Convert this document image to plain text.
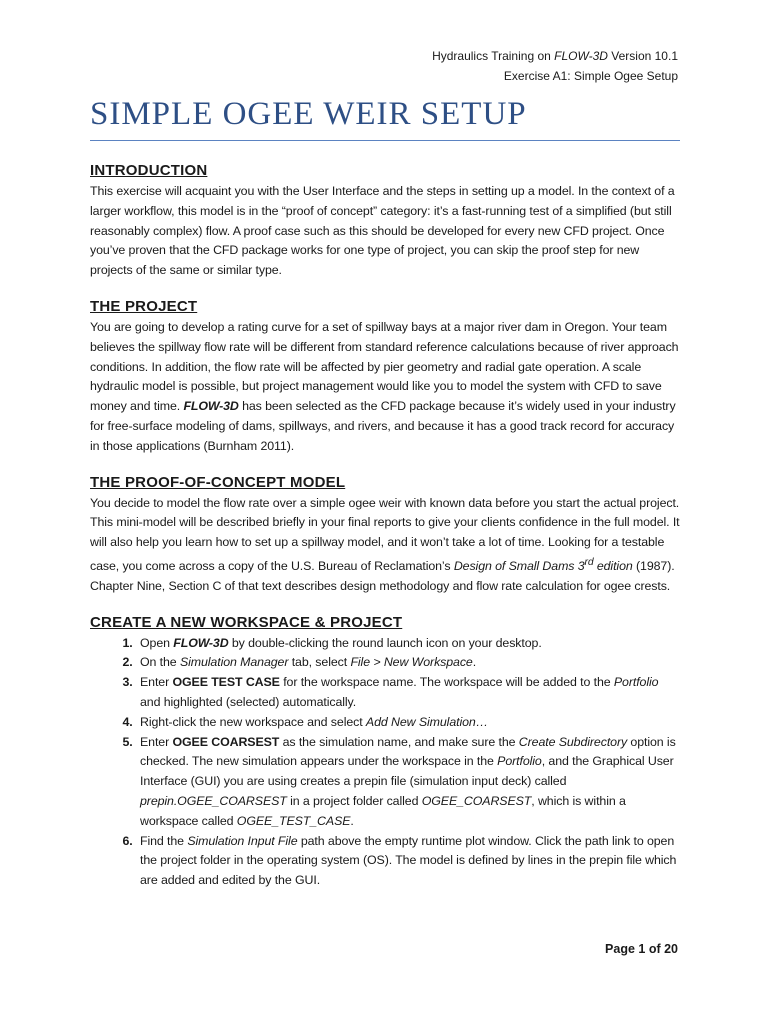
Hydraulics Training on FLOW-3D Version 10.1
Exercise A1: Simple Ogee Setup
SIMPLE OGEE WEIR SETUP
INTRODUCTION

This exercise will acquaint you with the User Interface and the steps in setting up a model. In the context of a larger workflow, this model is in the “proof of concept” category: it’s a fast-running test of a simplified (but still reasonably complex) flow. A proof case such as this should be developed for every new CFD project. Once you’ve proven that the CFD package works for one type of project, you can skip the proof step for new projects of the same or similar type.

THE PROJECT

You are going to develop a rating curve for a set of spillway bays at a major river dam in Oregon. Your team believes the spillway flow rate will be different from standard reference calculations because of river approach conditions. In addition, the flow rate will be affected by pier geometry and radial gate operation. A scale hydraulic model is possible, but project management would like you to model the system with CFD to save money and time. FLOW-3D has been selected as the CFD package because it’s widely used in your industry for free-surface modeling of dams, spillways, and rivers, and because it has a good track record for accuracy in those applications (Burnham 2011).

THE PROOF-OF-CONCEPT MODEL

You decide to model the flow rate over a simple ogee weir with known data before you start the actual project. This mini-model will be described briefly in your final reports to give your clients confidence in the full model. It will also help you learn how to set up a spillway model, and it won’t take a lot of time. Looking for a testable case, you come across a copy of the U.S. Bureau of Reclamation’s Design of Small Dams 3rd edition (1987). Chapter Nine, Section C of that text describes design methodology and flow rate calculation for ogee crests.

CREATE A NEW WORKSPACE & PROJECT
1. Open FLOW-3D by double-clicking the round launch icon on your desktop.
2. On the Simulation Manager tab, select File > New Workspace.
3. Enter OGEE TEST CASE for the workspace name. The workspace will be added to the Portfolio and highlighted (selected) automatically.
4. Right-click the new workspace and select Add New Simulation…
5. Enter OGEE COARSEST as the simulation name, and make sure the Create Subdirectory option is checked. The new simulation appears under the workspace in the Portfolio, and the Graphical User Interface (GUI) you are using creates a prepin file (simulation input deck) called prepin.OGEE_COARSEST in a project folder called OGEE_COARSEST, which is within a workspace called OGEE_TEST_CASE.
6. Find the Simulation Input File path above the empty runtime plot window. Click the path link to open the project folder in the operating system (OS). The model is defined by lines in the prepin file which are added and edited by the GUI.
Page 1 of 20
